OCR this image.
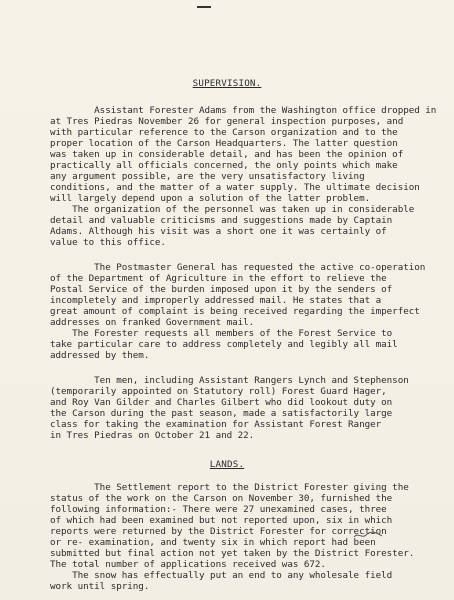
SUPERVISION.
Assistant Forester Adams from the Washington office dropped in
at Tres Piedras November 26 for general inspection purposes, and
with particular reference to the Carson organization and to the
proper location of the Carson Headquarters. The latter question
was taken up in considerable detail, and has been the opinion of
practically all officials concerned, the only points which make
any argument possible, are the very unsatisfactory living
conditions, and the matter of a water supply. The ultimate decision
will largely depend upon a solution of the latter problem.
The organization of the personnel was taken up in considerable
detail and valuable criticisms and suggestions made by Captain
Adams. Although his visit was a short one it was certainly of
value to this office.
The Postmaster General has requested the active co-operation
of the Department of Agriculture in the effort to relieve the
Postal Service of the burden imposed upon it by the senders of
incompletely and improperly addressed mail. He states that a
great amount of complaint is being received regarding the imperfect
addresses on franked Government mail.
The Forester requests all members of the Forest Service to
take particular care to address completely and legibly all mail
addressed by them.
Ten men, including Assistant Rangers Lynch and Stephenson
(temporarily appointed on Statutory roll) Forest Guard Hager,
and Roy Van Gilder and Charles Gilbert who did lookout duty on
the Carson during the past season, made a satisfactorily large
class for taking the examination for Assistant Forest Ranger
in Tres Piedras on October 21 and 22.
LANDS.
The Settlement report to the District Forester giving the
status of the work on the Carson on November 30, furnished the
following information:- There were 27 unexamined cases, three
of which had been examined but not reported upon, six in which
reports were returned by the District Forester for correction
or re- examination, and twenty six in which report had been
submitted but final action not yet taken by the District Forester.
The total number of applications received was 672.
The snow has effectually put an end to any wholesale field
work until spring.
